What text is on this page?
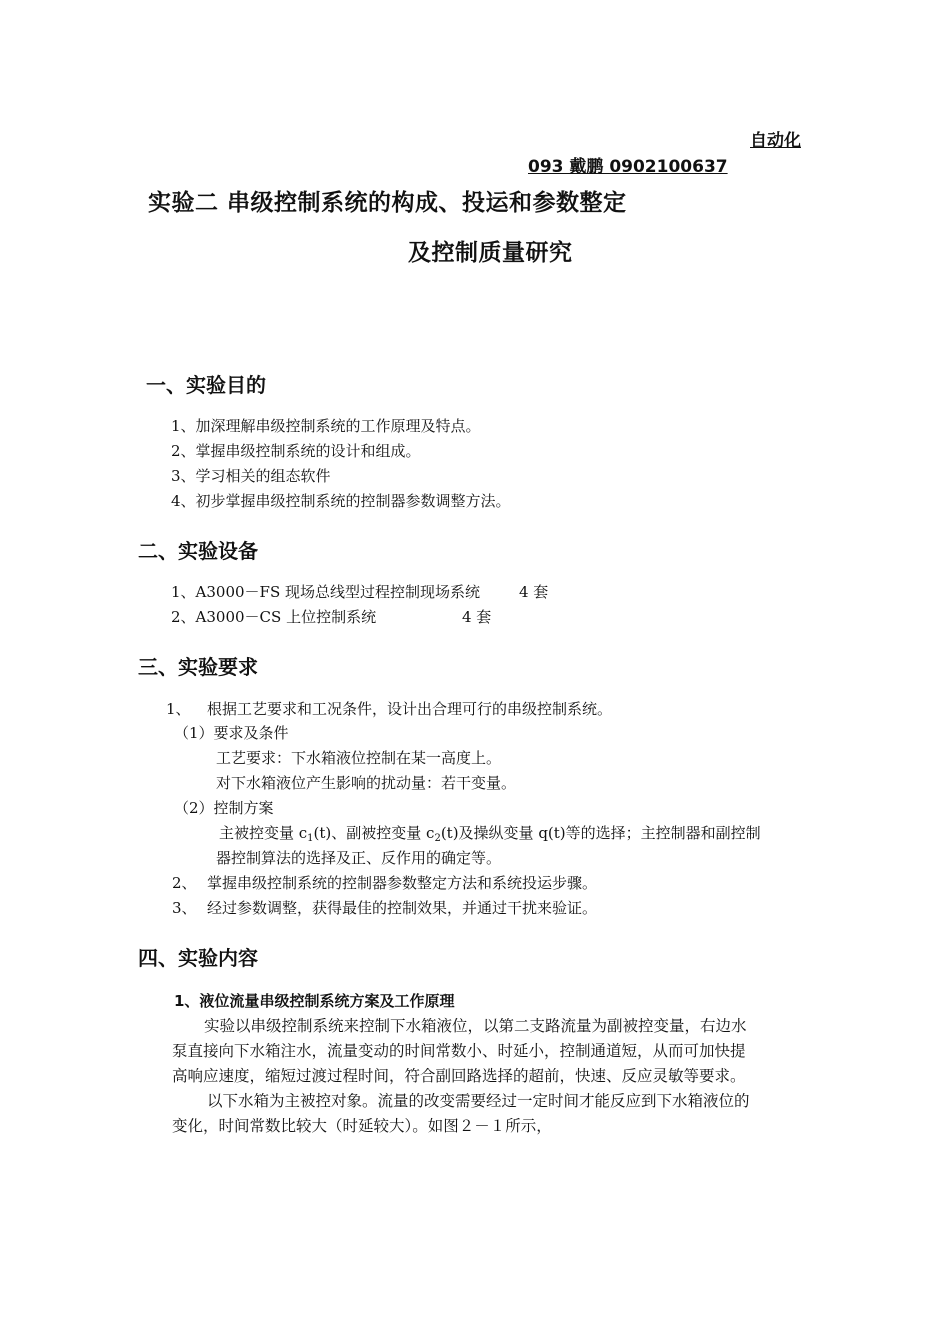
自动化
093 戴鹏 0902100637
实验二 串级控制系统的构成、投运和参数整定
及控制质量研究
一、实验目的
1、加深理解串级控制系统的工作原理及特点。
2、掌握串级控制系统的设计和组成。
3、学习相关的组态软件
4、初步掌握串级控制系统的控制器参数调整方法。
二、实验设备
1、A3000－FS 现场总线型过程控制现场系统	4 套
2、A3000－CS 上位控制系统	4 套
三、实验要求
1、 根据工艺要求和工况条件，设计出合理可行的串级控制系统。
（1）要求及条件
工艺要求：下水箱液位控制在某一高度上。
对下水箱液位产生影响的扰动量：若干变量。
（2）控制方案
主被控变量 $c_1(t)$、副被控变量 $c_2(t)$及操纵变量 q(t)等的选择；主控制器和副控制
器控制算法的选择及正、反作用的确定等。
2、 掌握串级控制系统的控制器参数整定方法和系统投运步骤。
3、 经过参数调整，获得最佳的控制效果，并通过干扰来验证。
四、实验内容
1、液位流量串级控制系统方案及工作原理
实验以串级控制系统来控制下水箱液位，以第二支路流量为副被控变量，右边水
泵直接向下水箱注水，流量变动的时间常数小、时延小，控制通道短，从而可加快提
高响应速度，缩短过渡过程时间，符合副回路选择的超前，快速、反应灵敏等要求。
以下水箱为主被控对象。流量的改变需要经过一定时间才能反应到下水箱液位的
变化，时间常数比较大（时延较大）。如图２－１所示，
